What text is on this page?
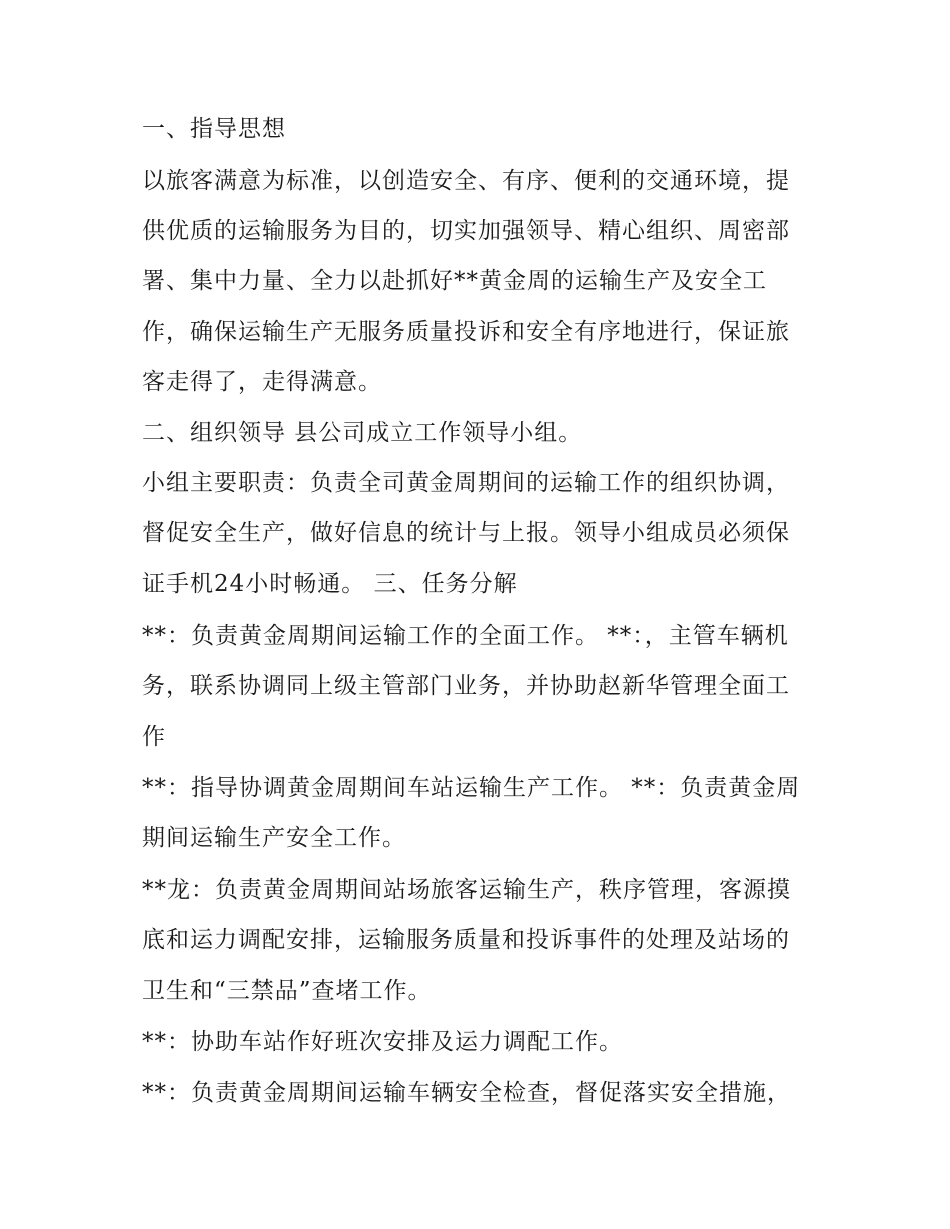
一、指导思想
以旅客满意为标准，以创造安全、有序、便利的交通环境，提
供优质的运输服务为目的，切实加强领导、精心组织、周密部
署、集中力量、全力以赴抓好**黄金周的运输生产及安全工
作，确保运输生产无服务质量投诉和安全有序地进行，保证旅
客走得了，走得满意。
二、组织领导 县公司成立工作领导小组。
小组主要职责：负责全司黄金周期间的运输工作的组织协调，
督促安全生产，做好信息的统计与上报。领导小组成员必须保
证手机24小时畅通。 三、任务分解
**：负责黄金周期间运输工作的全面工作。 **：，主管车辆机
务，联系协调同上级主管部门业务，并协助赵新华管理全面工
作
**：指导协调黄金周期间车站运输生产工作。 **：负责黄金周
期间运输生产安全工作。
**龙：负责黄金周期间站场旅客运输生产，秩序管理，客源摸
底和运力调配安排，运输服务质量和投诉事件的处理及站场的
卫生和“三禁品”查堵工作。
**：协助车站作好班次安排及运力调配工作。
**：负责黄金周期间运输车辆安全检查，督促落实安全措施，
